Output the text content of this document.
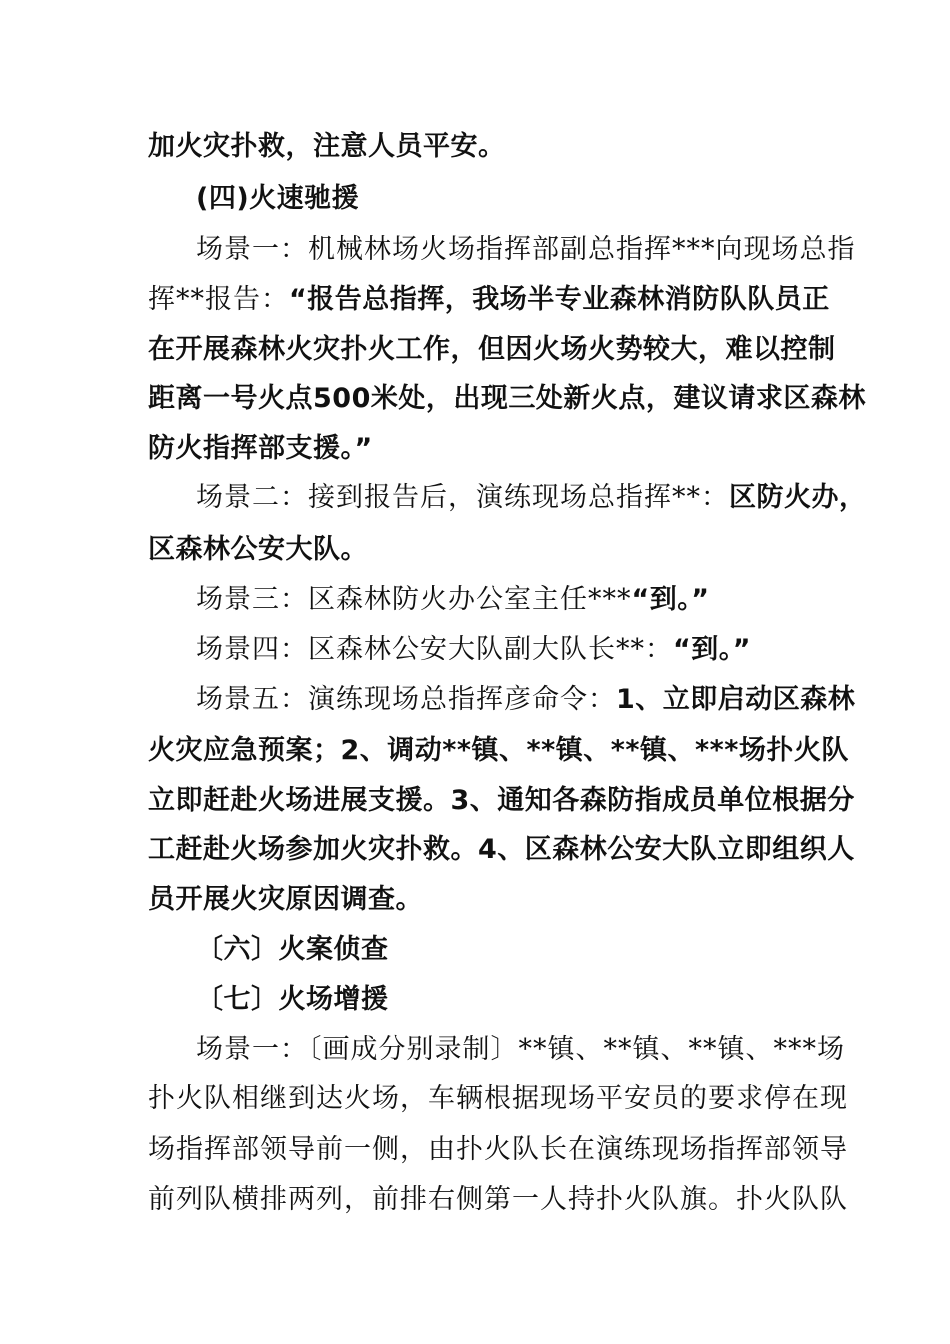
加火灾扑救，注意人员平安。
(四)火速驰援
场景一：机械林场火场指挥部副总指挥***向现场总指
挥**报告：“报告总指挥，我场半专业森林消防队队员正
在开展森林火灾扑火工作，但因火场火势较大，难以控制
距离一号火点500米处，出现三处新火点，建议请求区森林
防火指挥部支援。”
场景二：接到报告后，演练现场总指挥**：区防火办，
区森林公安大队。
场景三：区森林防火办公室主任***“到。”
场景四：区森林公安大队副大队长**：“到。”
场景五：演练现场总指挥彦命令：1、立即启动区森林
火灾应急预案；2、调动**镇、**镇、**镇、***场扑火队
立即赶赴火场进展支援。3、通知各森防指成员单位根据分
工赶赴火场参加火灾扑救。4、区森林公安大队立即组织人
员开展火灾原因调查。
〔六〕火案侦查
〔七〕火场增援
场景一：〔画成分别录制〕**镇、**镇、**镇、***场
扑火队相继到达火场，车辆根据现场平安员的要求停在现
场指挥部领导前一侧，由扑火队长在演练现场指挥部领导
前列队横排两列，前排右侧第一人持扑火队旗。扑火队队
